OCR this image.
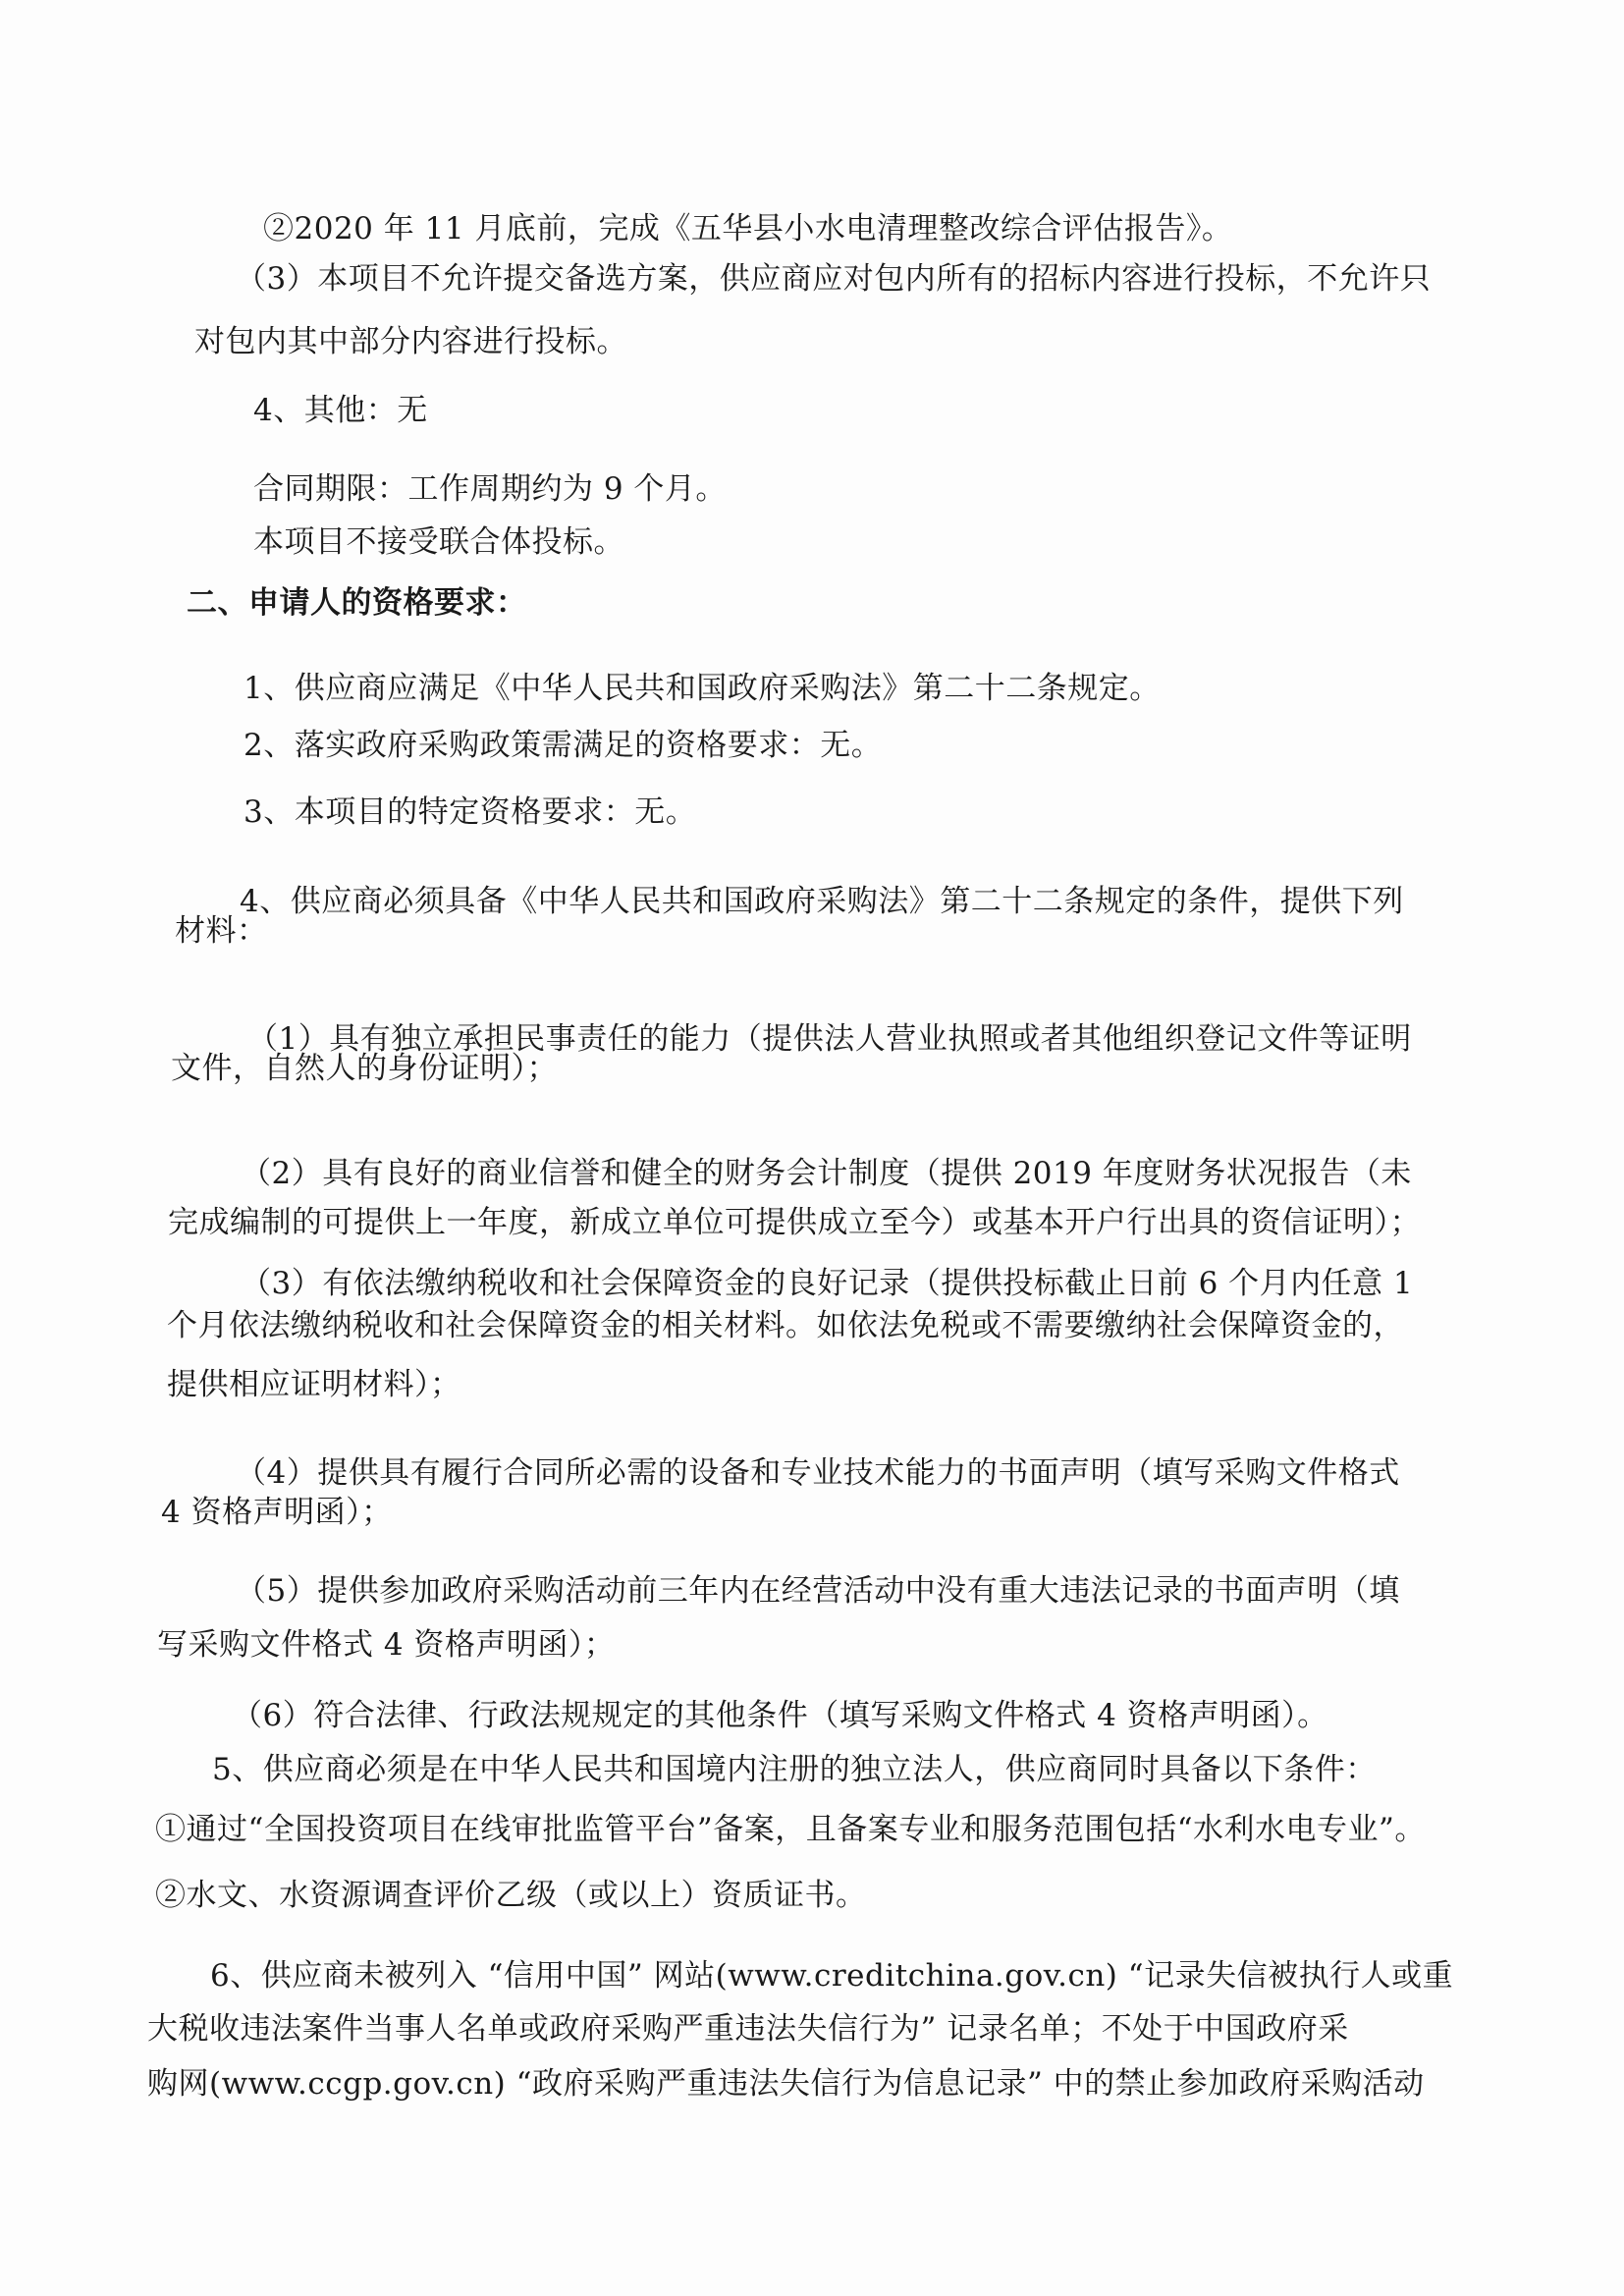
②2020 年 11 月底前，完成《五华县小水电清理整改综合评估报告》。
（3）本项目不允许提交备选方案，供应商应对包内所有的招标内容进行投标，不允许只
对包内其中部分内容进行投标。
4、其他：无
合同期限：工作周期约为 9 个月。
本项目不接受联合体投标。
二、申请人的资格要求：
1、供应商应满足《中华人民共和国政府采购法》第二十二条规定。
2、落实政府采购政策需满足的资格要求：无。
3、本项目的特定资格要求：无。
4、供应商必须具备《中华人民共和国政府采购法》第二十二条规定的条件，提供下列
材料：
（1）具有独立承担民事责任的能力（提供法人营业执照或者其他组织登记文件等证明
文件，自然人的身份证明）；
（2）具有良好的商业信誉和健全的财务会计制度（提供 2019 年度财务状况报告（未
完成编制的可提供上一年度，新成立单位可提供成立至今）或基本开户行出具的资信证明）；
（3）有依法缴纳税收和社会保障资金的良好记录（提供投标截止日前 6 个月内任意 1
个月依法缴纳税收和社会保障资金的相关材料。如依法免税或不需要缴纳社会保障资金的，
提供相应证明材料）；
（4）提供具有履行合同所必需的设备和专业技术能力的书面声明（填写采购文件格式
4 资格声明函）；
（5）提供参加政府采购活动前三年内在经营活动中没有重大违法记录的书面声明（填
写采购文件格式 4 资格声明函）；
（6）符合法律、行政法规规定的其他条件（填写采购文件格式 4 资格声明函）。
5、供应商必须是在中华人民共和国境内注册的独立法人，供应商同时具备以下条件：
①通过“全国投资项目在线审批监管平台”备案，且备案专业和服务范围包括“水利水电专业”。
②水文、水资源调查评价乙级（或以上）资质证书。
6、供应商未被列入 “信用中国” 网站(www.creditchina.gov.cn) “记录失信被执行人或重
大税收违法案件当事人名单或政府采购严重违法失信行为” 记录名单；不处于中国政府采
购网(www.ccgp.gov.cn) “政府采购严重违法失信行为信息记录” 中的禁止参加政府采购活动
